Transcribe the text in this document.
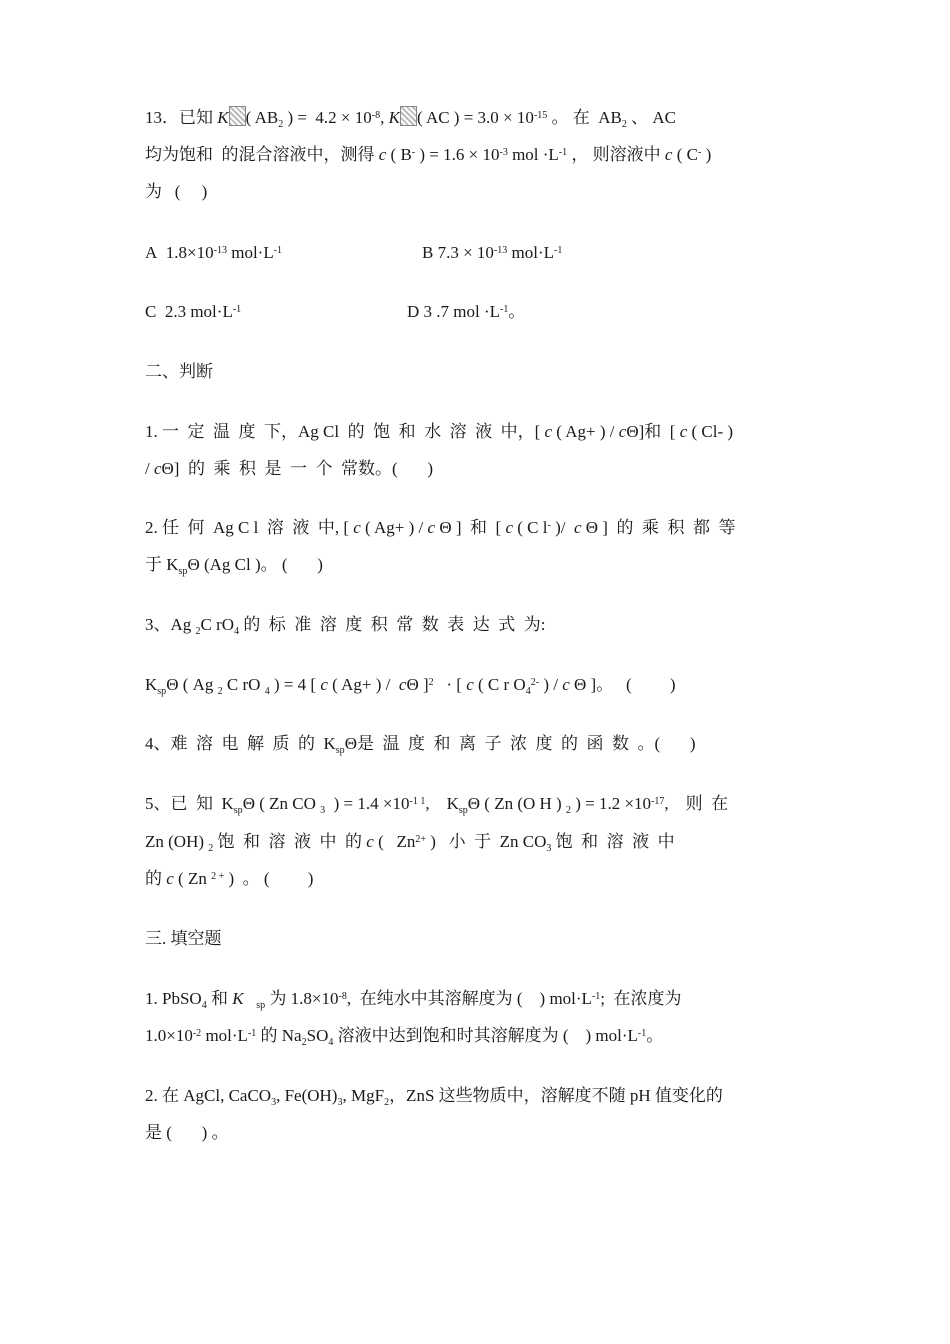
13．已知 K ( $AB_2$ ) =  $4.2 \times 10^{-8}$, K ( AC ) = $3.0 \times 10^{-15}$ 。 在  $AB_2$ 、 AC
均为饱和  的混合溶液中，测得 c ( B- ) = $1.6 \times 10^{-3}$ mol $\cdot L^{-1}$ ， 则溶液中 c ( C- )
为   (     )
A  $1.8\times 10^{-13}$ $mol\cdot L^{-1}$	B $7.3 \times 10^{-13}$ $mol\cdot L^{-1}$
C  2.3 $mol\cdot L^{-1}$	D 3 .7 mol $\cdot L^{-1}$。
二、判断
1. 一  定  温  度  下，Ag Cl  的  饱  和  水  溶  液  中，[ c ( Ag+ ) / cΘ]和  [ c ( Cl- )
/ cΘ]  的  乘  积  是  一  个  常数。(       )
2. 任  何  Ag C l  溶  液  中, [ c ( Ag+ ) / c Θ ]  和  [ c ( C l- )/  c Θ ]  的  乘  积  都  等
于 $K_{sp}\Theta$ (Ag Cl )。 (       )
3、Ag $_2$C $rO_4$ 的  标  准  溶  度  积  常  数  表  达  式  为:
$K_{sp}\Theta$ ( Ag $_2$ C rO $_4$ ) = 4 [ c ( Ag+ ) /  cΘ ]$^2$   · [ c ( C r $O_4^{2-}$ ) / c Θ ]。   (         )
4、难  溶  电  解  质  的  $K_{sp}\Theta$是  温  度  和  离  子  浓  度  的  函  数  。(       )
5、已  知  $K_{sp}\Theta$ ( Zn CO $_3$  ) = $1.4 \times 10^{-1 1}$,    $K_{sp}\Theta$ ( Zn (O H ) $_2$ ) = $1.2 \times 10^{-17}$,    则  在
Zn (OH) $_2$ 饱  和  溶  液  中  的 c (   $Zn^{2+}$ )   小  于  Zn $CO_3$ 饱  和  溶  液  中
的 c ( Zn $^{2 +}$ )  。 (         )
三. 填空题
1. PbSO$_4$ 和 K $_{sp}$ 为 $1.8\times 10^{-8}$,  在纯水中其溶解度为 (    ) $mol\cdot L^{-1}$;  在浓度为
$1.0\times 10^{-2}$ $mol\cdot L^{-1}$ 的 $Na_2SO_4$ 溶液中达到饱和时其溶解度为 (    ) $mol\cdot L^{-1}$。
2. 在 AgCl, CaCO$_3$, $Fe(OH)_3$, MgF$_2$，ZnS 这些物质中，溶解度不随 pH 值变化的
是 (       ) 。
